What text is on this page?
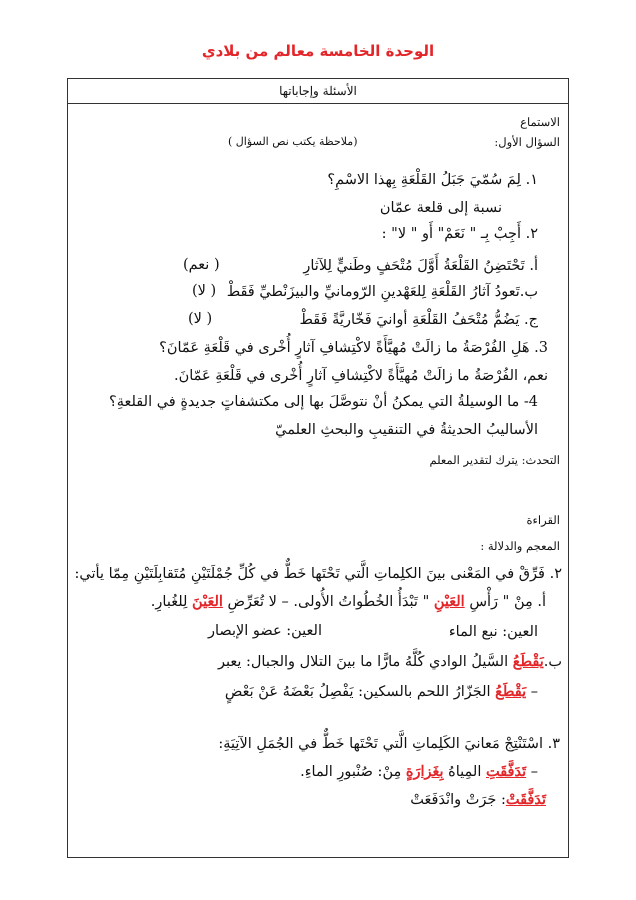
الوحدة الخامسة معالم من بلادي
الأسئلة وإجاباتها
الاستماع
السؤال الأول:
(ملاحظة يكتب نص السؤال )
١. لِمَ سُمّيَ جَبَلُ القَلْعَةِ بِهذا الاسْمِ؟
نسبة إلى قلعة عمّان
٢. أَجِبْ بِـ " نَعَمْ" أَو " لا" :
أ. تَحْتَضِنُ القَلْعَةُ أَوَّلَ مُتْحَفٍ وطَنيٍّ لِلآثارِ
( نعم)
ب.تَعودُ آثارُ القَلْعَةِ لِلعَهْدينِ الرّومانيِّ والبيزَنْطيِّ فَقَطْ
( لا)
ج. يَضُمُّ مُتْحَفُ القَلْعَةِ أوانيَ فَخّاريَّةً فَقَطْ
( لا)
3. هَلِ الفُرْصَةُ ما زالَتْ مُهيَّأَةً لاكْتِشافِ آثارٍ أُخْرى في قَلْعَةِ عَمّانَ؟
نعم، الفُرْصَةُ ما زالَتْ مُهيَّأَةً لاكْتِشافِ آثارٍ أُخْرى في قَلْعَةِ عَمّانَ.
4- ما الوسيلةُ التي يمكنُ أنْ نتوصَّلَ بها إلى مكتشفاتٍ جديدةٍ في القلعةِ؟
الأساليبُ الحديثةُ في التنقيبِ والبحثِ العلميّ
التحدث: يترك لتقدير المعلم
القراءة
المعجم والدلالة :
٢. فَرِّقْ في المَعْنى بينَ الكلِماتِ الَّتي تَحْتَها خَطٌّ في كُلِّ جُمْلَتَيْنِ مُتَقابِلَتَيْنِ مِمّا يأتي:
أ. مِنْ " رَأْسِ العَيْنِ " تَبْدَأُ الخُطُواتُ الأُولى. – لا تُعَرِّضِ العَيْنَ لِلغُبارِ.
العين: نبع الماء
العين: عضو الإبصار
ب.يَقْطَعُ السَّيلُ الوادي كُلَّهُ مارًّا ما بينَ التلال والجبال: يعبر
– يَقْطَعُ الجَزّارُ اللحم بالسكين: يَفْصِلُ بَعْضَهُ عَنْ بَعْضٍ
٣. اسْتَنْتِجْ مَعانيَ الكَلِماتِ الَّتي تَحْتَها خَطٌّ في الجُمَلِ الآتِيَةِ:
– تَدَفَّقَتِ المِياهُ بِغَزارَةٍ مِنْ: صُنْبورِ الماءِ.
تَدَفَّقَتْ: جَرَتْ وانْدَفَعَتْ
